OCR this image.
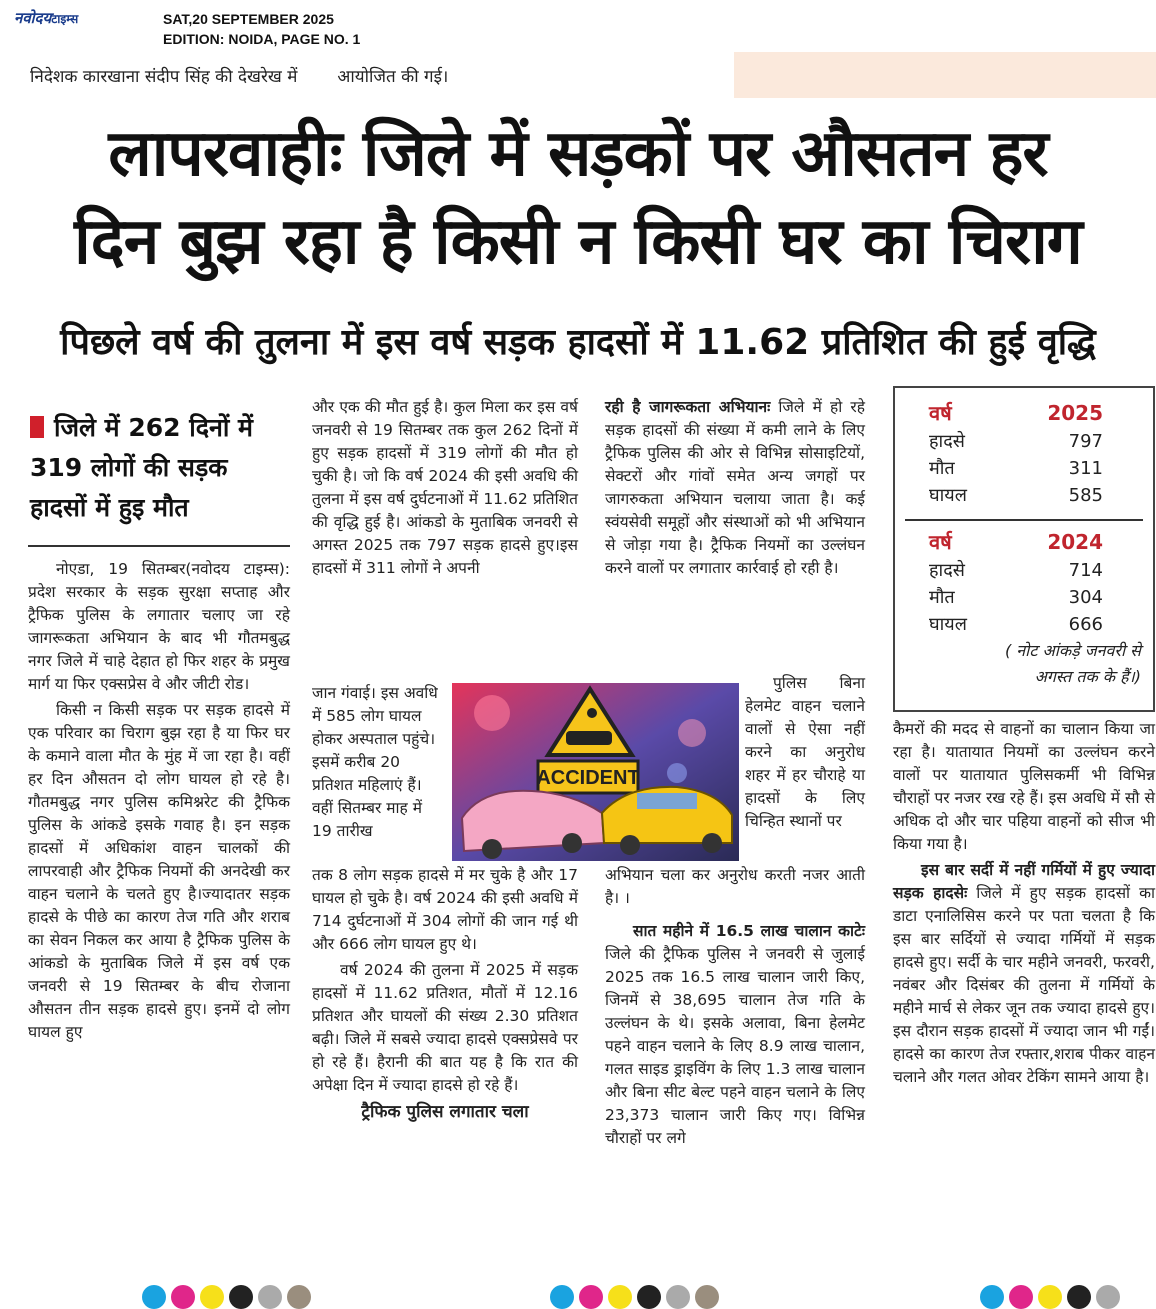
नवोदयटाइम्स	SAT,20 SEPTEMBER 2025
EDITION: NOIDA, PAGE NO. 1
निदेशक कारखाना संदीप सिंह की देखरेख में आयोजित की गई।
लापरवाहीः जिले में सड़कों पर औसतन हर
दिन बुझ रहा है किसी न किसी घर का चिराग
पिछले वर्ष की तुलना में इस वर्ष सड़क हादसों में 11.62 प्रतिशित की हुई वृद्धि
जिले में 262 दिनों में
319 लोगों की सड़क
हादसों में हुइ मौत

नोएडा, 19 सितम्बर(नवोदय टाइम्स): प्रदेश सरकार के सड़क सुरक्षा सप्ताह और ट्रैफिक पुलिस के लगातार चलाए जा रहे जागरूकता अभियान के बाद भी गौतमबुद्ध नगर जिले में चाहे देहात हो फिर शहर के प्रमुख मार्ग या फिर एक्सप्रेस वे और जीटी रोड।

किसी न किसी सड़क पर सड़क हादसे में एक परिवार का चिराग बुझ रहा है या फिर घर के कमाने वाला मौत के मुंह में जा रहा है। वहीं हर दिन औसतन दो लोग घायल हो रहे है।गौतमबुद्ध नगर पुलिस कमिश्नरेट की ट्रैफिक पुलिस के आंकडे इसके गवाह है। इन सड़क हादसों में अधिकांश वाहन चालकों की लापरवाही और ट्रैफिक नियमों की अनदेखी कर वाहन चलाने के चलते हुए है।ज्यादातर सड़क हादसे के पीछे का कारण तेज गति और शराब का सेवन निकल कर आया है ट्रैफिक पुलिस के आंकडो के मुताबिक जिले में इस वर्ष एक जनवरी से 19 सितम्बर के बीच रोजाना औसतन तीन सड़क हादसे हुए। इनमें दो लोग घायल हुए

और एक की मौत हुई है। कुल मिला कर इस वर्ष जनवरी से 19 सितम्बर तक कुल 262 दिनों में हुए सड़क हादसों में 319 लोगों की मौत हो चुकी है। जो कि वर्ष 2024 की इसी अवधि की तुलना में इस वर्ष दुर्घटनाओं में 11.62 प्रतिशित की वृद्धि हुई है। आंकडो के मुताबिक जनवरी से अगस्त 2025 तक 797 सड़क हादसे हुए।इस हादसों में 311 लोगों ने अपनी

जान गंवाई। इस अवधि में 585 लोग घायल होकर अस्पताल पहुंचे। इसमें करीब 20 प्रतिशत महिलाएं हैं। वहीं सितम्बर माह में 19 तारीख

तक 8 लोग सड़क हादसे में मर चुके है और 17 घायल हो चुके है। वर्ष 2024 की इसी अवधि में 714 दुर्घटनाओं में 304 लोगों की जान गई थी और 666 लोग घायल हुए थे।

वर्ष 2024 की तुलना में 2025 में सड़क हादसों में 11.62 प्रतिशत, मौतों में 12.16 प्रतिशत और घायलों की संख्य 2.30 प्रतिशत बढ़ी। जिले में सबसे ज्यादा हादसे एक्सप्रेसवे पर हो रहे हैं। हैरानी की बात यह है कि रात की अपेक्षा दिन में ज्यादा हादसे हो रहे हैं।

ट्रैफिक पुलिस लगातार चला

ACCIDENT

रही है जागरूकता अभियानः जिले में हो रहे सड़क हादसों की संख्या में कमी लाने के लिए ट्रैफिक पुलिस की ओर से विभिन्न सोसाइटियों, सेक्टरों और गांवों समेत अन्य जगहों पर जागरुकता अभियान चलाया जाता है। कई स्वंयसेवी समूहों और संस्थाओं को भी अभियान से जोड़ा गया है। ट्रैफिक नियमों का उल्लंघन करने वालों पर लगातार कार्रवाई हो रही है।

पुलिस बिना हेलमेट वाहन चलाने वालों से ऐसा नहीं करने का अनुरोध शहर में हर चौराहे या हादसों के लिए चिन्हित स्थानों पर

अभियान चला कर अनुरोध करती नजर आती है। ।

सात महीने में 16.5 लाख चालान काटेः जिले की ट्रैफिक पुलिस ने जनवरी से जुलाई 2025 तक 16.5 लाख चालान जारी किए, जिनमें से 38,695 चालान तेज गति के उल्लंघन के थे। इसके अलावा, बिना हेलमेट पहने वाहन चलाने के लिए 8.9 लाख चालान, गलत साइड ड्राइविंग के लिए 1.3 लाख चालान और बिना सीट बेल्ट पहने वाहन चलाने के लिए 23,373 चालान जारी किए गए। विभिन्न चौराहों पर लगे

वर्ष	2025
हादसे	797
मौत	311
घायल	585
वर्ष	2024
हादसे	714
मौत	304
घायल	666
( नोट आंकड़े जनवरी से
अगस्त तक के हैं।)

कैमरों की मदद से वाहनों का चालान किया जा रहा है। यातायात नियमों का उल्लंघन करने वालों पर यातायात पुलिसकर्मी भी विभिन्न चौराहों पर नजर रख रहे हैं। इस अवधि में सौ से अधिक दो और चार पहिया वाहनों को सीज भी किया गया है।

इस बार सर्दी में नहीं गर्मियों में हुए ज्यादा सड़क हादसेः जिले में हुए सड़क हादसों का डाटा एनालिसिस करने पर पता चलता है कि इस बार सर्दियों से ज्यादा गर्मियों में सड़क हादसे हुए। सर्दी के चार महीने जनवरी, फरवरी, नवंबर और दिसंबर की तुलना में गर्मियों के महीने मार्च से लेकर जून तक ज्यादा हादसे हुए।इस दौरान सड़क हादसों में ज्यादा जान भी गईं। हादसे का कारण तेज रफ्तार,शराब पीकर वाहन चलाने और गलत ओवर टेकिंग सामने आया है।
